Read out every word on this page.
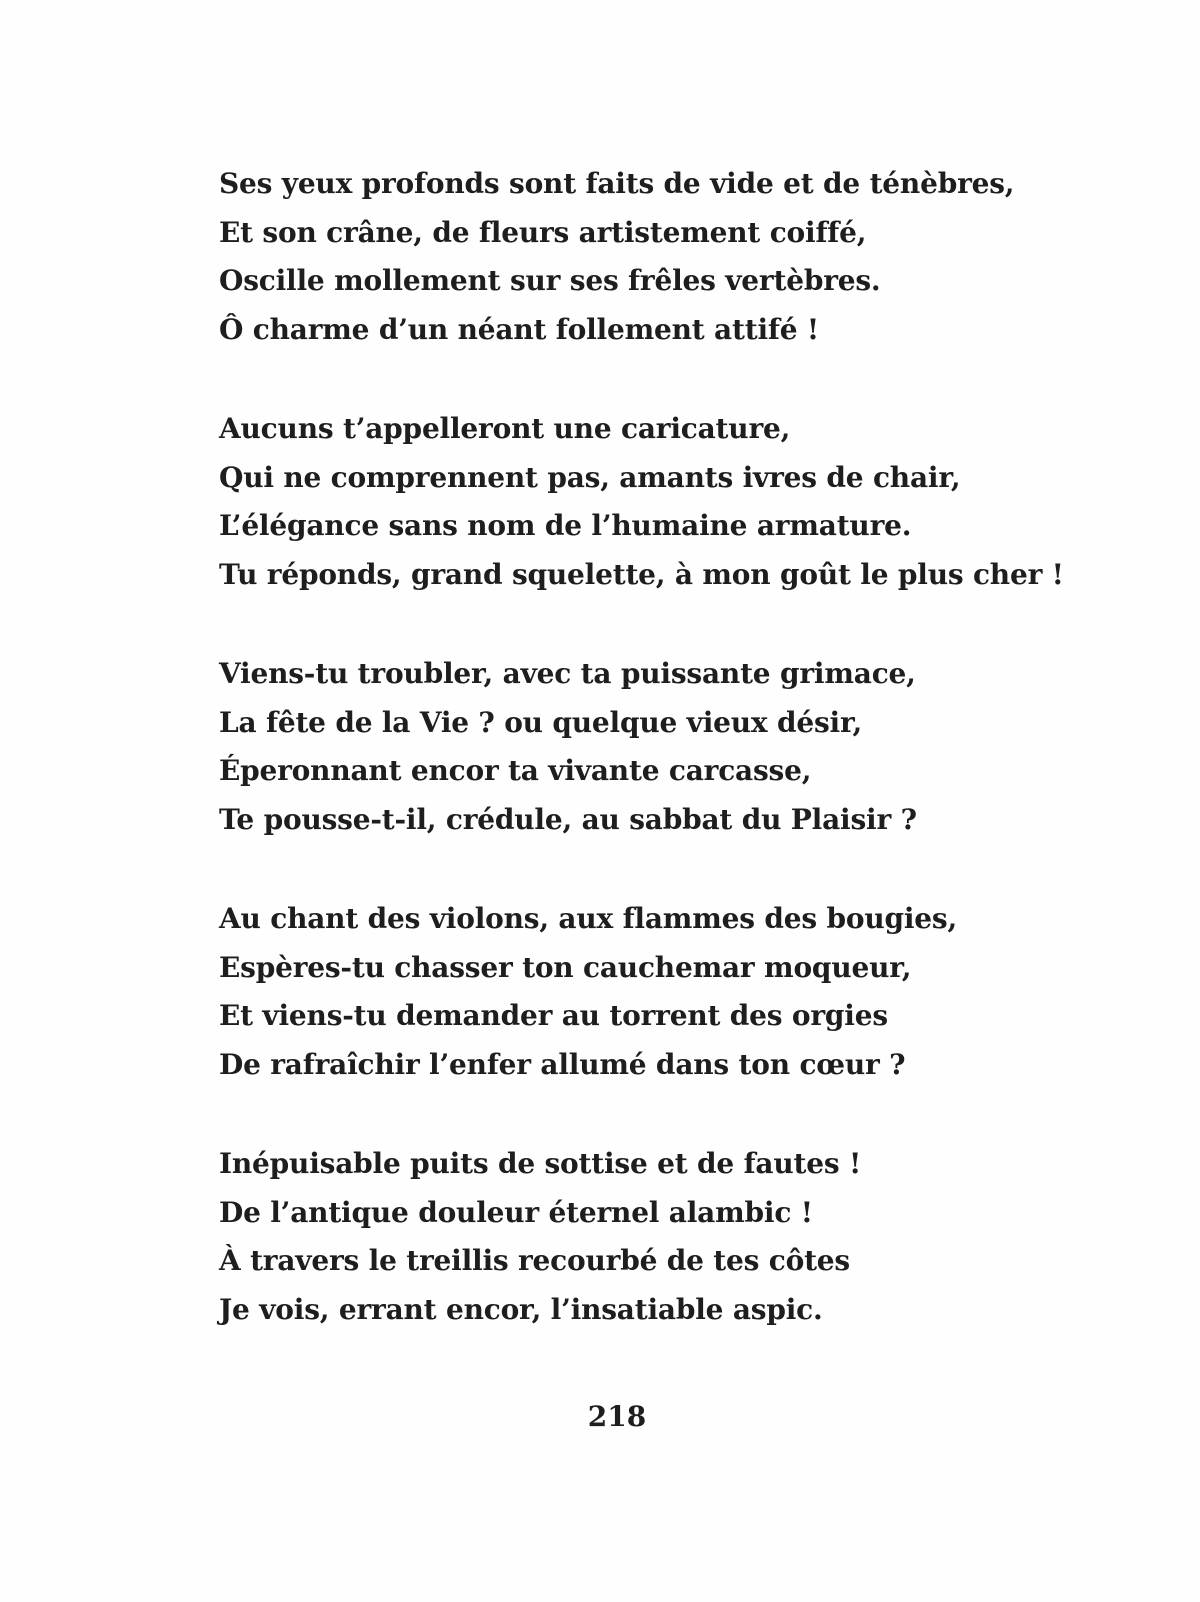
Ses yeux profonds sont faits de vide et de ténèbres,
Et son crâne, de fleurs artistement coiffé,
Oscille mollement sur ses frêles vertèbres.
Ô charme d’un néant follement attifé !
Aucuns t’appelleront une caricature,
Qui ne comprennent pas, amants ivres de chair,
L’élégance sans nom de l’humaine armature.
Tu réponds, grand squelette, à mon goût le plus cher !
Viens-tu troubler, avec ta puissante grimace,
La fête de la Vie ? ou quelque vieux désir,
Éperonnant encor ta vivante carcasse,
Te pousse-t-il, crédule, au sabbat du Plaisir ?
Au chant des violons, aux flammes des bougies,
Espères-tu chasser ton cauchemar moqueur,
Et viens-tu demander au torrent des orgies
De rafraîchir l’enfer allumé dans ton cœur ?
Inépuisable puits de sottise et de fautes !
De l’antique douleur éternel alambic !
À travers le treillis recourbé de tes côtes
Je vois, errant encor, l’insatiable aspic.
218
